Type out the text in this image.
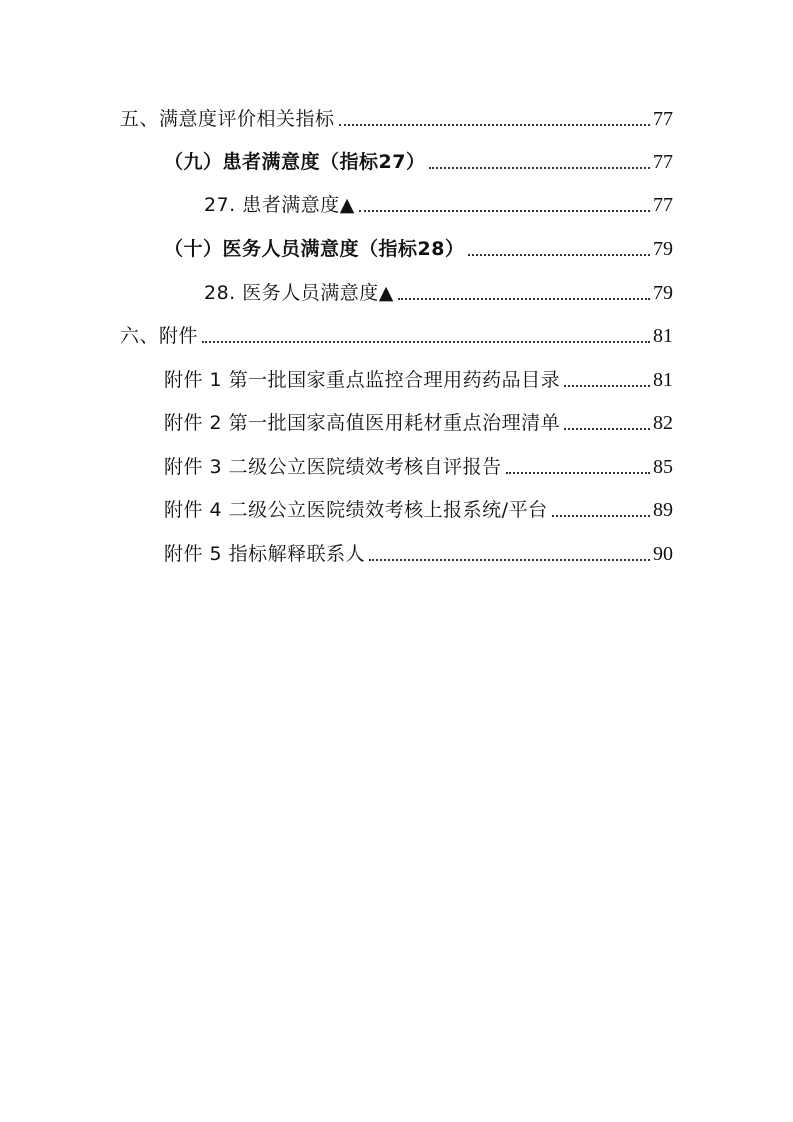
五、满意度评价相关指标	77
（九）患者满意度（指标27）	77
27. 患者满意度▲	77
（十）医务人员满意度（指标28）	79
28. 医务人员满意度▲	79
六、附件	81
附件 1 第一批国家重点监控合理用药药品目录	81
附件 2 第一批国家高值医用耗材重点治理清单	82
附件 3 二级公立医院绩效考核自评报告	85
附件 4 二级公立医院绩效考核上报系统/平台	89
附件 5 指标解释联系人	90
